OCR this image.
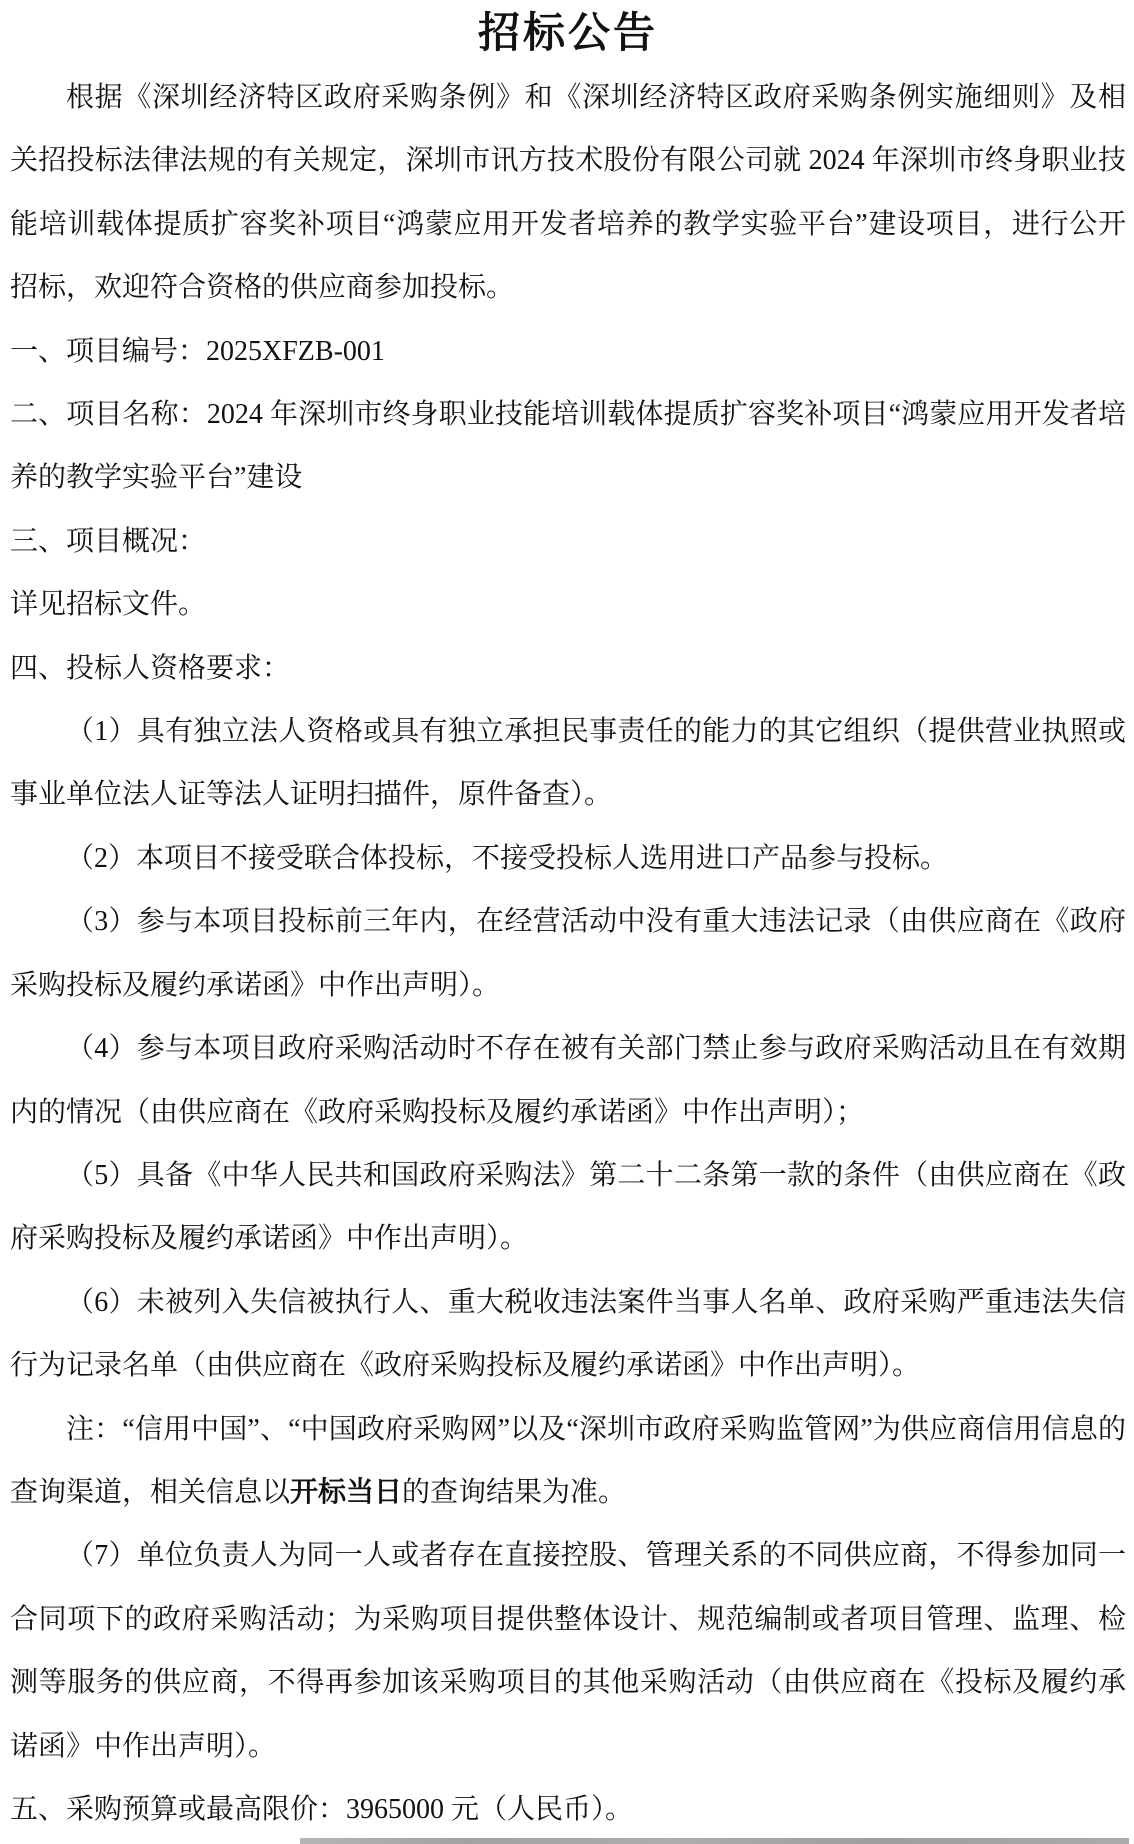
招标公告

根据《深圳经济特区政府采购条例》和《深圳经济特区政府采购条例实施细则》及相关招投标法律法规的有关规定，深圳市讯方技术股份有限公司就 2024 年深圳市终身职业技能培训载体提质扩容奖补项目“鸿蒙应用开发者培养的教学实验平台”建设项目，进行公开招标，欢迎符合资格的供应商参加投标。

一、项目编号：2025XFZB-001

二、项目名称：2024 年深圳市终身职业技能培训载体提质扩容奖补项目“鸿蒙应用开发者培养的教学实验平台”建设

三、项目概况：

详见招标文件。

四、投标人资格要求：

（1）具有独立法人资格或具有独立承担民事责任的能力的其它组织（提供营业执照或事业单位法人证等法人证明扫描件，原件备查）。

（2）本项目不接受联合体投标，不接受投标人选用进口产品参与投标。

（3）参与本项目投标前三年内，在经营活动中没有重大违法记录（由供应商在《政府采购投标及履约承诺函》中作出声明）。

（4）参与本项目政府采购活动时不存在被有关部门禁止参与政府采购活动且在有效期内的情况（由供应商在《政府采购投标及履约承诺函》中作出声明）；

（5）具备《中华人民共和国政府采购法》第二十二条第一款的条件（由供应商在《政府采购投标及履约承诺函》中作出声明）。

（6）未被列入失信被执行人、重大税收违法案件当事人名单、政府采购严重违法失信行为记录名单（由供应商在《政府采购投标及履约承诺函》中作出声明）。

注：“信用中国”、“中国政府采购网”以及“深圳市政府采购监管网”为供应商信用信息的查询渠道，相关信息以开标当日的查询结果为准。

（7）单位负责人为同一人或者存在直接控股、管理关系的不同供应商，不得参加同一合同项下的政府采购活动；为采购项目提供整体设计、规范编制或者项目管理、监理、检测等服务的供应商，不得再参加该采购项目的其他采购活动（由供应商在《投标及履约承诺函》中作出声明）。

五、采购预算或最高限价：3965000 元（人民币）。
